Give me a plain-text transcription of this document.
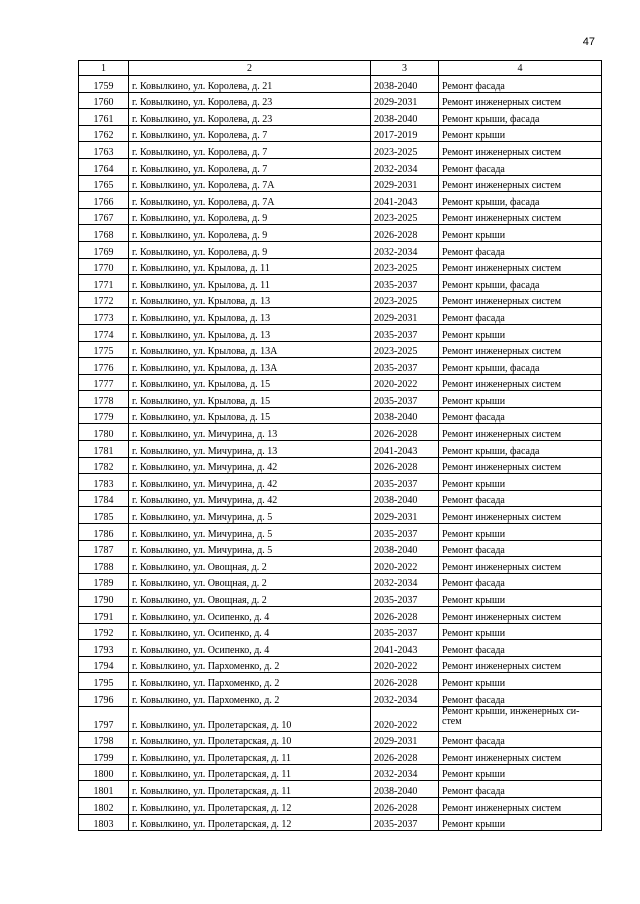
47
1	2	3	4
1759	г. Ковылкино, ул. Королева, д. 21	2038-2040	Ремонт фасада
1760	г. Ковылкино, ул. Королева, д. 23	2029-2031	Ремонт инженерных систем
1761	г. Ковылкино, ул. Королева, д. 23	2038-2040	Ремонт крыши, фасада
1762	г. Ковылкино, ул. Королева, д. 7	2017-2019	Ремонт крыши
1763	г. Ковылкино, ул. Королева, д. 7	2023-2025	Ремонт инженерных систем
1764	г. Ковылкино, ул. Королева, д. 7	2032-2034	Ремонт фасада
1765	г. Ковылкино, ул. Королева, д. 7А	2029-2031	Ремонт инженерных систем
1766	г. Ковылкино, ул. Королева, д. 7А	2041-2043	Ремонт крыши, фасада
1767	г. Ковылкино, ул. Королева, д. 9	2023-2025	Ремонт инженерных систем
1768	г. Ковылкино, ул. Королева, д. 9	2026-2028	Ремонт крыши
1769	г. Ковылкино, ул. Королева, д. 9	2032-2034	Ремонт фасада
1770	г. Ковылкино, ул. Крылова, д. 11	2023-2025	Ремонт инженерных систем
1771	г. Ковылкино, ул. Крылова, д. 11	2035-2037	Ремонт крыши, фасада
1772	г. Ковылкино, ул. Крылова, д. 13	2023-2025	Ремонт инженерных систем
1773	г. Ковылкино, ул. Крылова, д. 13	2029-2031	Ремонт фасада
1774	г. Ковылкино, ул. Крылова, д. 13	2035-2037	Ремонт крыши
1775	г. Ковылкино, ул. Крылова, д. 13А	2023-2025	Ремонт инженерных систем
1776	г. Ковылкино, ул. Крылова, д. 13А	2035-2037	Ремонт крыши, фасада
1777	г. Ковылкино, ул. Крылова, д. 15	2020-2022	Ремонт инженерных систем
1778	г. Ковылкино, ул. Крылова, д. 15	2035-2037	Ремонт крыши
1779	г. Ковылкино, ул. Крылова, д. 15	2038-2040	Ремонт фасада
1780	г. Ковылкино, ул. Мичурина, д. 13	2026-2028	Ремонт инженерных систем
1781	г. Ковылкино, ул. Мичурина, д. 13	2041-2043	Ремонт крыши, фасада
1782	г. Ковылкино, ул. Мичурина, д. 42	2026-2028	Ремонт инженерных систем
1783	г. Ковылкино, ул. Мичурина, д. 42	2035-2037	Ремонт крыши
1784	г. Ковылкино, ул. Мичурина, д. 42	2038-2040	Ремонт фасада
1785	г. Ковылкино, ул. Мичурина, д. 5	2029-2031	Ремонт инженерных систем
1786	г. Ковылкино, ул. Мичурина, д. 5	2035-2037	Ремонт крыши
1787	г. Ковылкино, ул. Мичурина, д. 5	2038-2040	Ремонт фасада
1788	г. Ковылкино, ул. Овощная, д. 2	2020-2022	Ремонт инженерных систем
1789	г. Ковылкино, ул. Овощная, д. 2	2032-2034	Ремонт фасада
1790	г. Ковылкино, ул. Овощная, д. 2	2035-2037	Ремонт крыши
1791	г. Ковылкино, ул. Осипенко, д. 4	2026-2028	Ремонт инженерных систем
1792	г. Ковылкино, ул. Осипенко, д. 4	2035-2037	Ремонт крыши
1793	г. Ковылкино, ул. Осипенко, д. 4	2041-2043	Ремонт фасада
1794	г. Ковылкино, ул. Пархоменко, д. 2	2020-2022	Ремонт инженерных систем
1795	г. Ковылкино, ул. Пархоменко, д. 2	2026-2028	Ремонт крыши
1796	г. Ковылкино, ул. Пархоменко, д. 2	2032-2034	Ремонт фасада
1797	г. Ковылкино, ул. Пролетарская, д. 10	2020-2022	Ремонт крыши, инженерных си-стем
1798	г. Ковылкино, ул. Пролетарская, д. 10	2029-2031	Ремонт фасада
1799	г. Ковылкино, ул. Пролетарская, д. 11	2026-2028	Ремонт инженерных систем
1800	г. Ковылкино, ул. Пролетарская, д. 11	2032-2034	Ремонт крыши
1801	г. Ковылкино, ул. Пролетарская, д. 11	2038-2040	Ремонт фасада
1802	г. Ковылкино, ул. Пролетарская, д. 12	2026-2028	Ремонт инженерных систем
1803	г. Ковылкино, ул. Пролетарская, д. 12	2035-2037	Ремонт крыши
